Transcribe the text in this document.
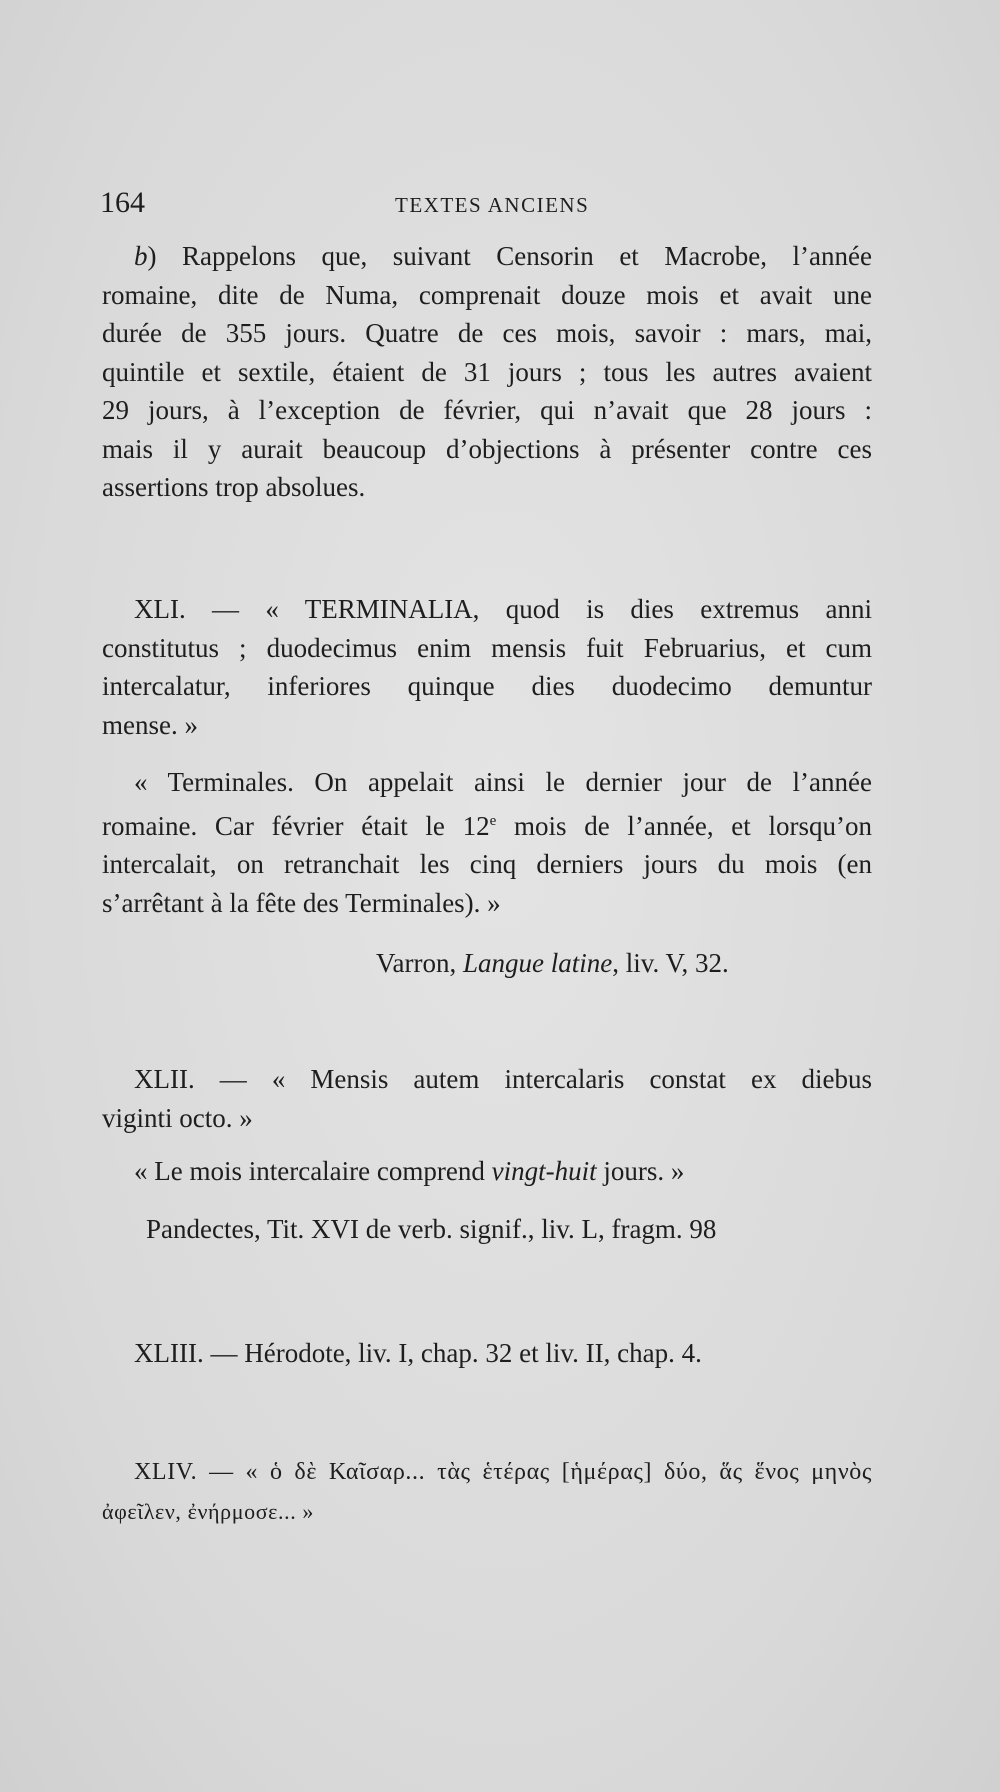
164	TEXTES ANCIENS

b) Rappelons que, suivant Censorin et Macrobe, l’année

romaine, dite de Numa, comprenait douze mois et avait une

durée de 355 jours. Quatre de ces mois, savoir : mars, mai,

quintile et sextile, étaient de 31 jours ; tous les autres avaient

29 jours, à l’exception de février, qui n’avait que 28 jours :

mais il y aurait beaucoup d’objections à présenter contre ces

assertions trop absolues.

XLI. — « TERMINALIA, quod is dies extremus anni

constitutus ; duodecimus enim mensis fuit Februarius, et cum

intercalatur, inferiores quinque dies duodecimo demuntur

mense. »

« Terminales. On appelait ainsi le dernier jour de l’année

romaine. Car février était le 12e mois de l’année, et lorsqu’on

intercalait, on retranchait les cinq derniers jours du mois (en

s’arrêtant à la fête des Terminales). »

Varron, Langue latine, liv. V, 32.

XLII. — « Mensis autem intercalaris constat ex diebus

viginti octo. »

« Le mois intercalaire comprend vingt-huit jours. »
Pandectes, Tit. XVI de verb. signif., liv. L, fragm. 98
XLIII. — Hérodote, liv. I, chap. 32 et liv. II, chap. 4.
XLIV. — « ὁ δὲ Καῖσαρ... τὰς ἑτέρας [ἡμέρας] δύο, ἅς ἕνος μηνὸς
ἀφεῖλεν, ἐνήρμοσε... »
